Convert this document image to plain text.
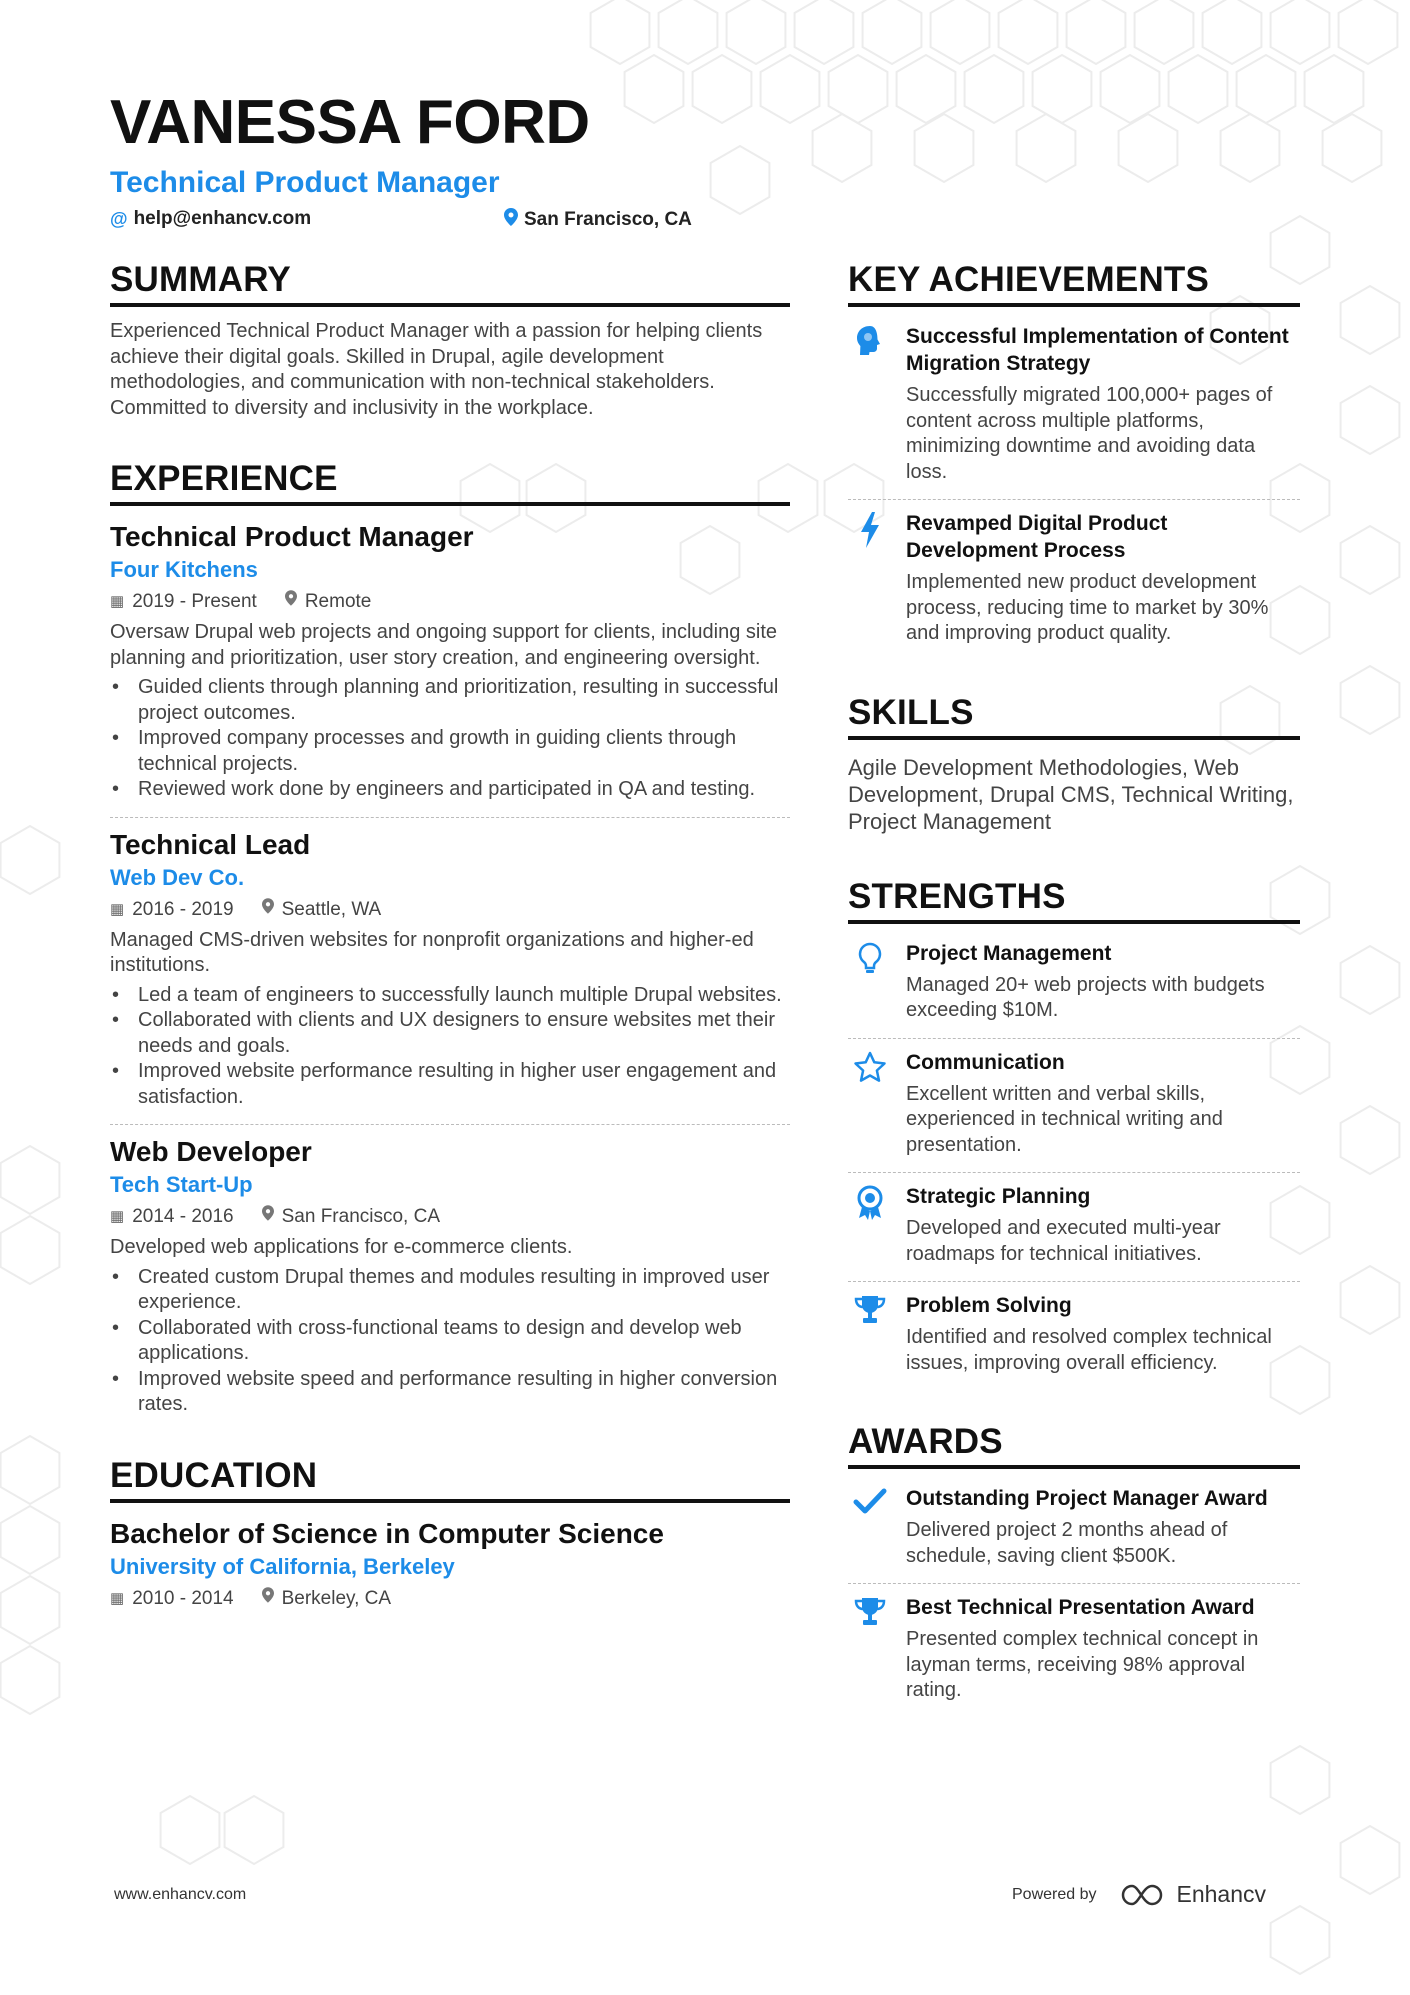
VANESSA FORD
Technical Product Manager
@ help@enhancv.com	San Francisco, CA
SUMMARY

Experienced Technical Product Manager with a passion for helping clients achieve their digital goals. Skilled in Drupal, agile development methodologies, and communication with non-technical stakeholders. Committed to diversity and inclusivity in the workplace.

EXPERIENCE
Technical Product Manager
Four Kitchens
▦ 2019 - Present	Remote

Oversaw Drupal web projects and ongoing support for clients, including site planning and prioritization, user story creation, and engineering oversight.

• Guided clients through planning and prioritization, resulting in successful project outcomes.
• Improved company processes and growth in guiding clients through technical projects.
• Reviewed work done by engineers and participated in QA and testing.
Technical Lead
Web Dev Co.
▦ 2016 - 2019	Seattle, WA

Managed CMS-driven websites for nonprofit organizations and higher-ed institutions.

• Led a team of engineers to successfully launch multiple Drupal websites.
• Collaborated with clients and UX designers to ensure websites met their needs and goals.
• Improved website performance resulting in higher user engagement and satisfaction.
Web Developer
Tech Start-Up
▦ 2014 - 2016	San Francisco, CA

Developed web applications for e-commerce clients.

• Created custom Drupal themes and modules resulting in improved user experience.
• Collaborated with cross-functional teams to design and develop web applications.
• Improved website speed and performance resulting in higher conversion rates.
EDUCATION
Bachelor of Science in Computer Science
University of California, Berkeley
▦ 2010 - 2014	Berkeley, CA
KEY ACHIEVEMENTS
Successful Implementation of Content Migration Strategy
Successfully migrated 100,000+ pages of content across multiple platforms, minimizing downtime and avoiding data loss.
Revamped Digital Product Development Process
Implemented new product development process, reducing time to market by 30% and improving product quality.
SKILLS
Agile Development Methodologies, Web Development, Drupal CMS, Technical Writing, Project Management
STRENGTHS
Project Management
Managed 20+ web projects with budgets exceeding $10M.
Communication
Excellent written and verbal skills, experienced in technical writing and presentation.
Strategic Planning
Developed and executed multi-year roadmaps for technical initiatives.
Problem Solving
Identified and resolved complex technical issues, improving overall efficiency.
AWARDS
Outstanding Project Manager Award
Delivered project 2 months ahead of schedule, saving client $500K.
Best Technical Presentation Award
Presented complex technical concept in layman terms, receiving 98% approval rating.
www.enhancv.com	Powered by	Enhancv
